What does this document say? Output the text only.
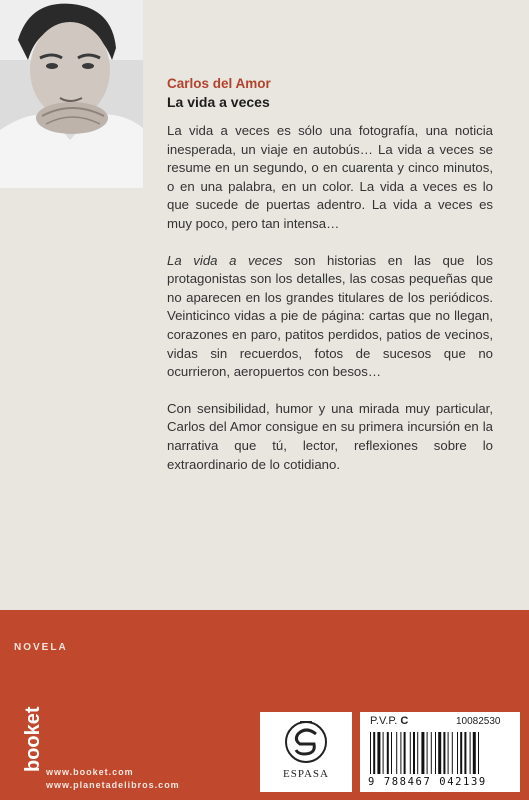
Carlos del Amor
La vida a veces

La vida a veces es sólo una fotografía, una noticia inesperada, un viaje en autobús… La vida a veces se resume en un segundo, o en cuarenta y cinco minutos, o en una palabra, en un color. La vida a veces es lo que sucede de puertas adentro. La vida a veces es muy poco, pero tan intensa…

La vida a veces son historias en las que los protagonistas son los detalles, las cosas pequeñas que no aparecen en los grandes titulares de los periódicos. Veinticinco vidas a pie de página: cartas que no llegan, corazones en paro, patitos perdidos, patios de vecinos, vidas sin recuerdos, fotos de sucesos que no ocurrieron, aeropuertos con besos…

Con sensibilidad, humor y una mirada muy particular, Carlos del Amor consigue en su primera incursión en la narrativa que tú, lector, reflexiones sobre lo extraordinario de lo cotidiano.

NOVELA
booket www.booket.com
www.planetadelibros.com
ESPASA
P.V.P. C	10082530
9 788467 042139
